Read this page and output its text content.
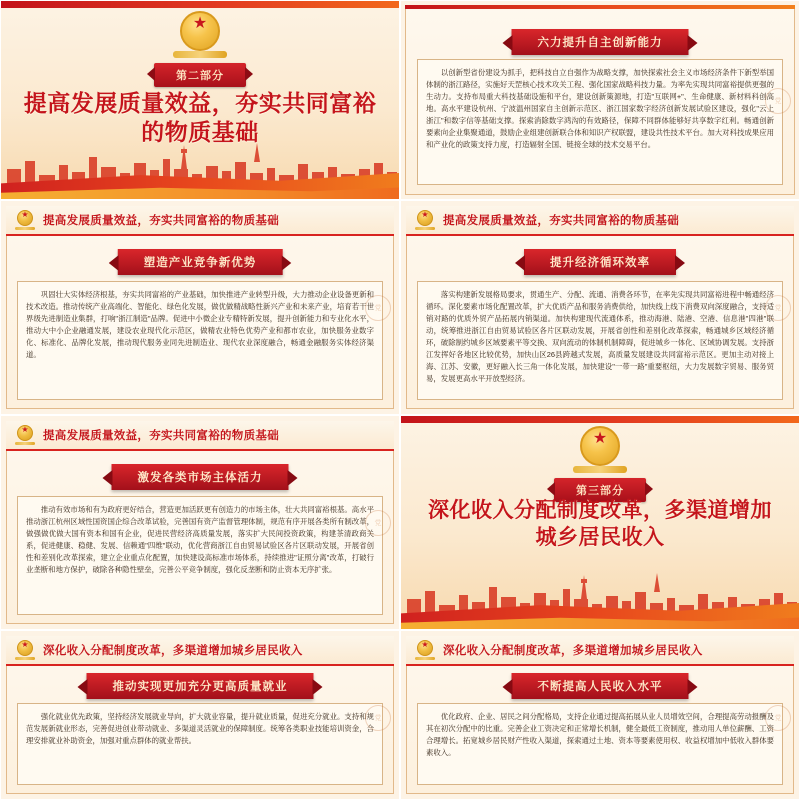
★
第二部分
提高发展质量效益，夯实共同富裕的物质基础
六力提升自主创新能力

以创新型省份建设为抓手，把科技自立自强作为战略支撑，加快探索社会主义市场经济条件下新型举国体制的浙江路径，实施好天罡核心技术攻关工程、强化国家战略科技力量。为率先实现共同富裕提供更强的生动力。支持布局重大科技基础设施和平台，建设创新策源地，打造"互联网+"、生命健康、新材料科创高地。高水平建设杭州、宁波温州国家自主创新示范区、浙江国家数字经济创新发展试验区建设，强化"云上浙江"和数字信等基础支撑。探索消除数字鸿沟的有效路径，保障不同群体能够好共享数字红利。畅通创新要素向企业集聚通道，鼓励企业组建创新联合体和知识产权联盟，建设共性技术平台。加大对科技成果应用和产业化的政策支持力度，打造辐射全国、链接全球的技术交易平台。

党
★
提高发展质量效益，夯实共同富裕的物质基础
塑造产业竞争新优势

巩固壮大实体经济根基，夯实共同富裕的产业基础，加快推进产业转型升级，大力推动企业设备更新和技术改造。推动传统产业高端化、智能化、绿色化发展，做优做精战略性新兴产业和未来产业，培育若干世界级先进制造业集群，打响"浙江制造"品牌。促进中小微企业专精特新发展，提升创新能力和专业化水平，推动大中小企业融通发展，建设农业现代化示范区，做精农业特色优势产业和都市农业，加快服务业数字化、标准化、品牌化发展，推动现代服务业同先进制造业、现代农业深度融合，畅通金融服务实体经济渠道。

党
★
提高发展质量效益，夯实共同富裕的物质基础
提升经济循环效率

落实构建新发展格局要求，贯通生产、分配、流通、消费各环节，在率先实现共同富裕进程中畅通经济循环。深化要素市场化配置改革，扩大优质产品和服务消费供给，加快线上线下消费双向深度融合，支持适销对路的优质外贸产品拓展内销渠道。加快构建现代流通体系，推动海港、陆港、空港、信息港"四港"联动，统筹推进浙江自由贸易试验区各片区联动发展，开展省创性和差别化改革探索，畅通城乡区域经济循环，破除制约城乡区域要素平等交换、双向流动的体制机制障碍，促进城乡一体化、区域协调发展。支持浙江发挥好各地区比较优势，加快山区26县跨越式发展，高质量发展建设共同富裕示范区。更加主动对接上海、江苏、安徽，更好融入长三角一体化发展，加快建设"一带一路"重要枢纽，大力发展数字贸易、服务贸易，发展更高水平开放型经济。

党
★
提高发展质量效益，夯实共同富裕的物质基础
激发各类市场主体活力

推动有效市场和有为政府更好结合，营造更加活跃更有创造力的市场主体，壮大共同富裕根基。高水平推动浙江杭州区域性国资国企综合改革试验，完善国有资产监督管理体制，规范有序开展各类所有制改革，做强做优做大国有资本和国有企业，促进民营经济高质量发展，落实扩大民间投资政策，构建茶清政商关系，促进健康、稳健、发展、信赖通"四维"联动，优化营商浙江自由贸易试验区各片区联动发展，开展省创性和差别化改革探索，建立企业重点化配置，加快建设高标准市场体系，持续推进"证照分离"改革，打破行业垄断和地方保护，破除各种隐性壁垒，完善公平竞争制度，强化反垄断和防止资本无序扩张。

党
★
第三部分
深化收入分配制度改革，多渠道增加城乡居民收入
★
深化收入分配制度改革，多渠道增加城乡居民收入
推动实现更加充分更高质量就业

强化就业优先政策，坚持经济发展就业导向，扩大就业容量，提升就业质量，促进充分就业。支持和规范发展新就业形态，完善促进创业带动就业、多渠道灵活就业的保障制度。统筹各类职业技能培训资金，合理安排就业补助资金，加强对重点群体的就业帮扶。

党
★
深化收入分配制度改革，多渠道增加城乡居民收入
不断提高人民收入水平

优化政府、企业、居民之间分配格局，支持企业通过提高拓展从业人员增效空间，合理提高劳动报酬及其在初次分配中的比重。完善企业工资决定和正常增长机制，健全最低工资制度，推动用人单位薪酬、工资合理增长。拓宽城乡居民财产性收入渠道，探索通过土地、资本等要素使用权、收益权增加中低收入群体要素收入。

党
